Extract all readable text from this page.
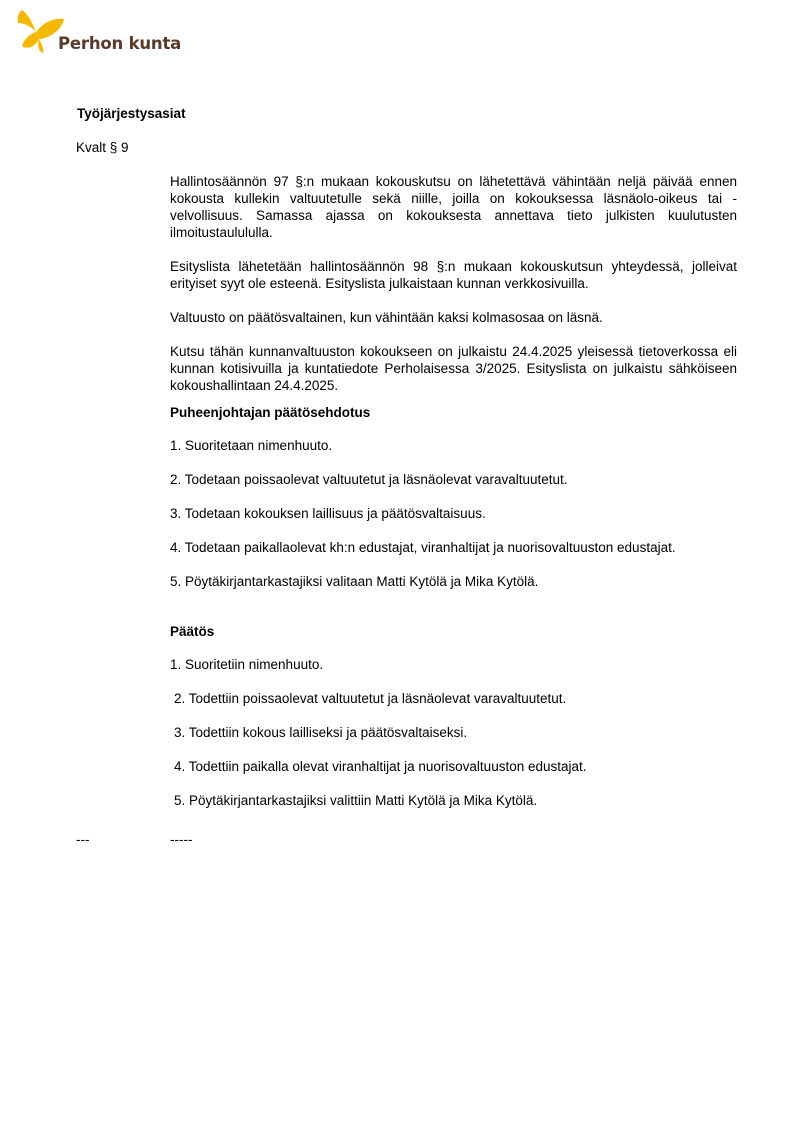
Perhon kunta
Työjärjestysasiat
Kvalt § 9

Hallintosäännön 97 §:n mukaan kokouskutsu on lähetettävä vähintään neljä päivää ennen kokousta kullekin valtuutetulle sekä niille, joilla on kokouksessa läsnäolo-oikeus tai -velvollisuus. Samassa ajassa on kokouksesta annettava tieto julkisten kuulutusten ilmoitustaulululla.

Esityslista lähetetään hallintosäännön 98 §:n mukaan kokouskutsun yhteydessä, jolleivat erityiset syyt ole esteenä. Esityslista julkaistaan kunnan verkkosivuilla.

Valtuusto on päätösvaltainen, kun vähintään kaksi kolmasosaa on läsnä.

Kutsu tähän kunnanvaltuuston kokoukseen on julkaistu 24.4.2025 yleisessä tietoverkossa eli kunnan kotisivuilla ja kuntatiedote Perholaisessa 3/2025. Esityslista on julkaistu sähköiseen kokoushallintaan 24.4.2025.

Puheenjohtajan päätösehdotus

1. Suoritetaan nimenhuuto.

2. Todetaan poissaolevat valtuutetut ja läsnäolevat varavaltuutetut.

3. Todetaan kokouksen laillisuus ja päätösvaltaisuus.

4. Todetaan paikallaolevat kh:n edustajat, viranhaltijat ja nuorisovaltuuston edustajat.

5. Pöytäkirjantarkastajiksi valitaan Matti Kytölä ja Mika Kytölä.

Päätös

1. Suoritetiin nimenhuuto.

2. Todettiin poissaolevat valtuutetut ja läsnäolevat varavaltuutetut.

3. Todettiin kokous lailliseksi ja päätösvaltaiseksi.

4. Todettiin paikalla olevat viranhaltijat ja nuorisovaltuuston edustajat.

5. Pöytäkirjantarkastajiksi valittiin Matti Kytölä ja Mika Kytölä.

---	-----
